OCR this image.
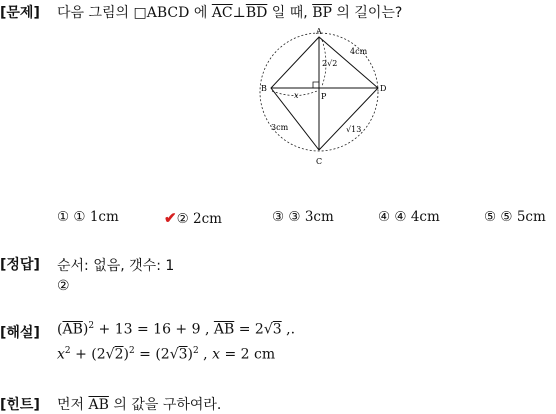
[문제] 다음 그림의 □ABCD 에 $\overline{AC}\perp\overline{BD}$ 일 때, $\overline{BP}$ 의 길이는?
A
B
C
D
P
4cm
2√2
x
3cm	√13
① ① 1cm	✔② 2cm	③ ③ 3cm	④ ④ 4cm	⑤ ⑤ 5cm
[정답] 순서: 없음, 갯수: 1
②
[해설] $(\overline{AB})^2 + 13 = 16 + 9$ , $\overline{AB} = 2√3$ ,.
$x^2 + (2√2)^2 = (2√3)^2$ , x = 2 cm
[힌트] 먼저 $\overline{AB}$ 의 값을 구하여라.
